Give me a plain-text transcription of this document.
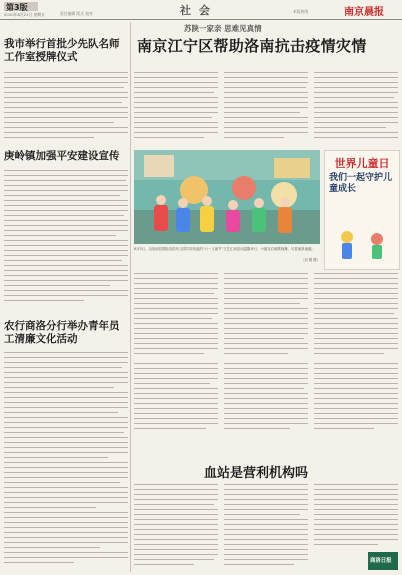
第3版
2020年8月21日 星期五	责任编辑 版式 校对	社 会	本版热线	南京晨报
我市举行首批少先队名师工作室授牌仪式
庚岭镇加强平安建设宣传
农行商洛分行举办青年员工清廉文化活动
苏陕一家亲 思难见真情
南京江宁区帮助洛南抗击疫情灾情
6月3日，由洛南县国际双语幼儿园共同发起的“六一儿童节”文艺汇演活动温馨举行，小朋友们载歌载舞，尽显童真童趣。
（刘 刚 摄）
世界儿童日
我们一起守护儿童成长
血站是营利机构吗
商洛日报
